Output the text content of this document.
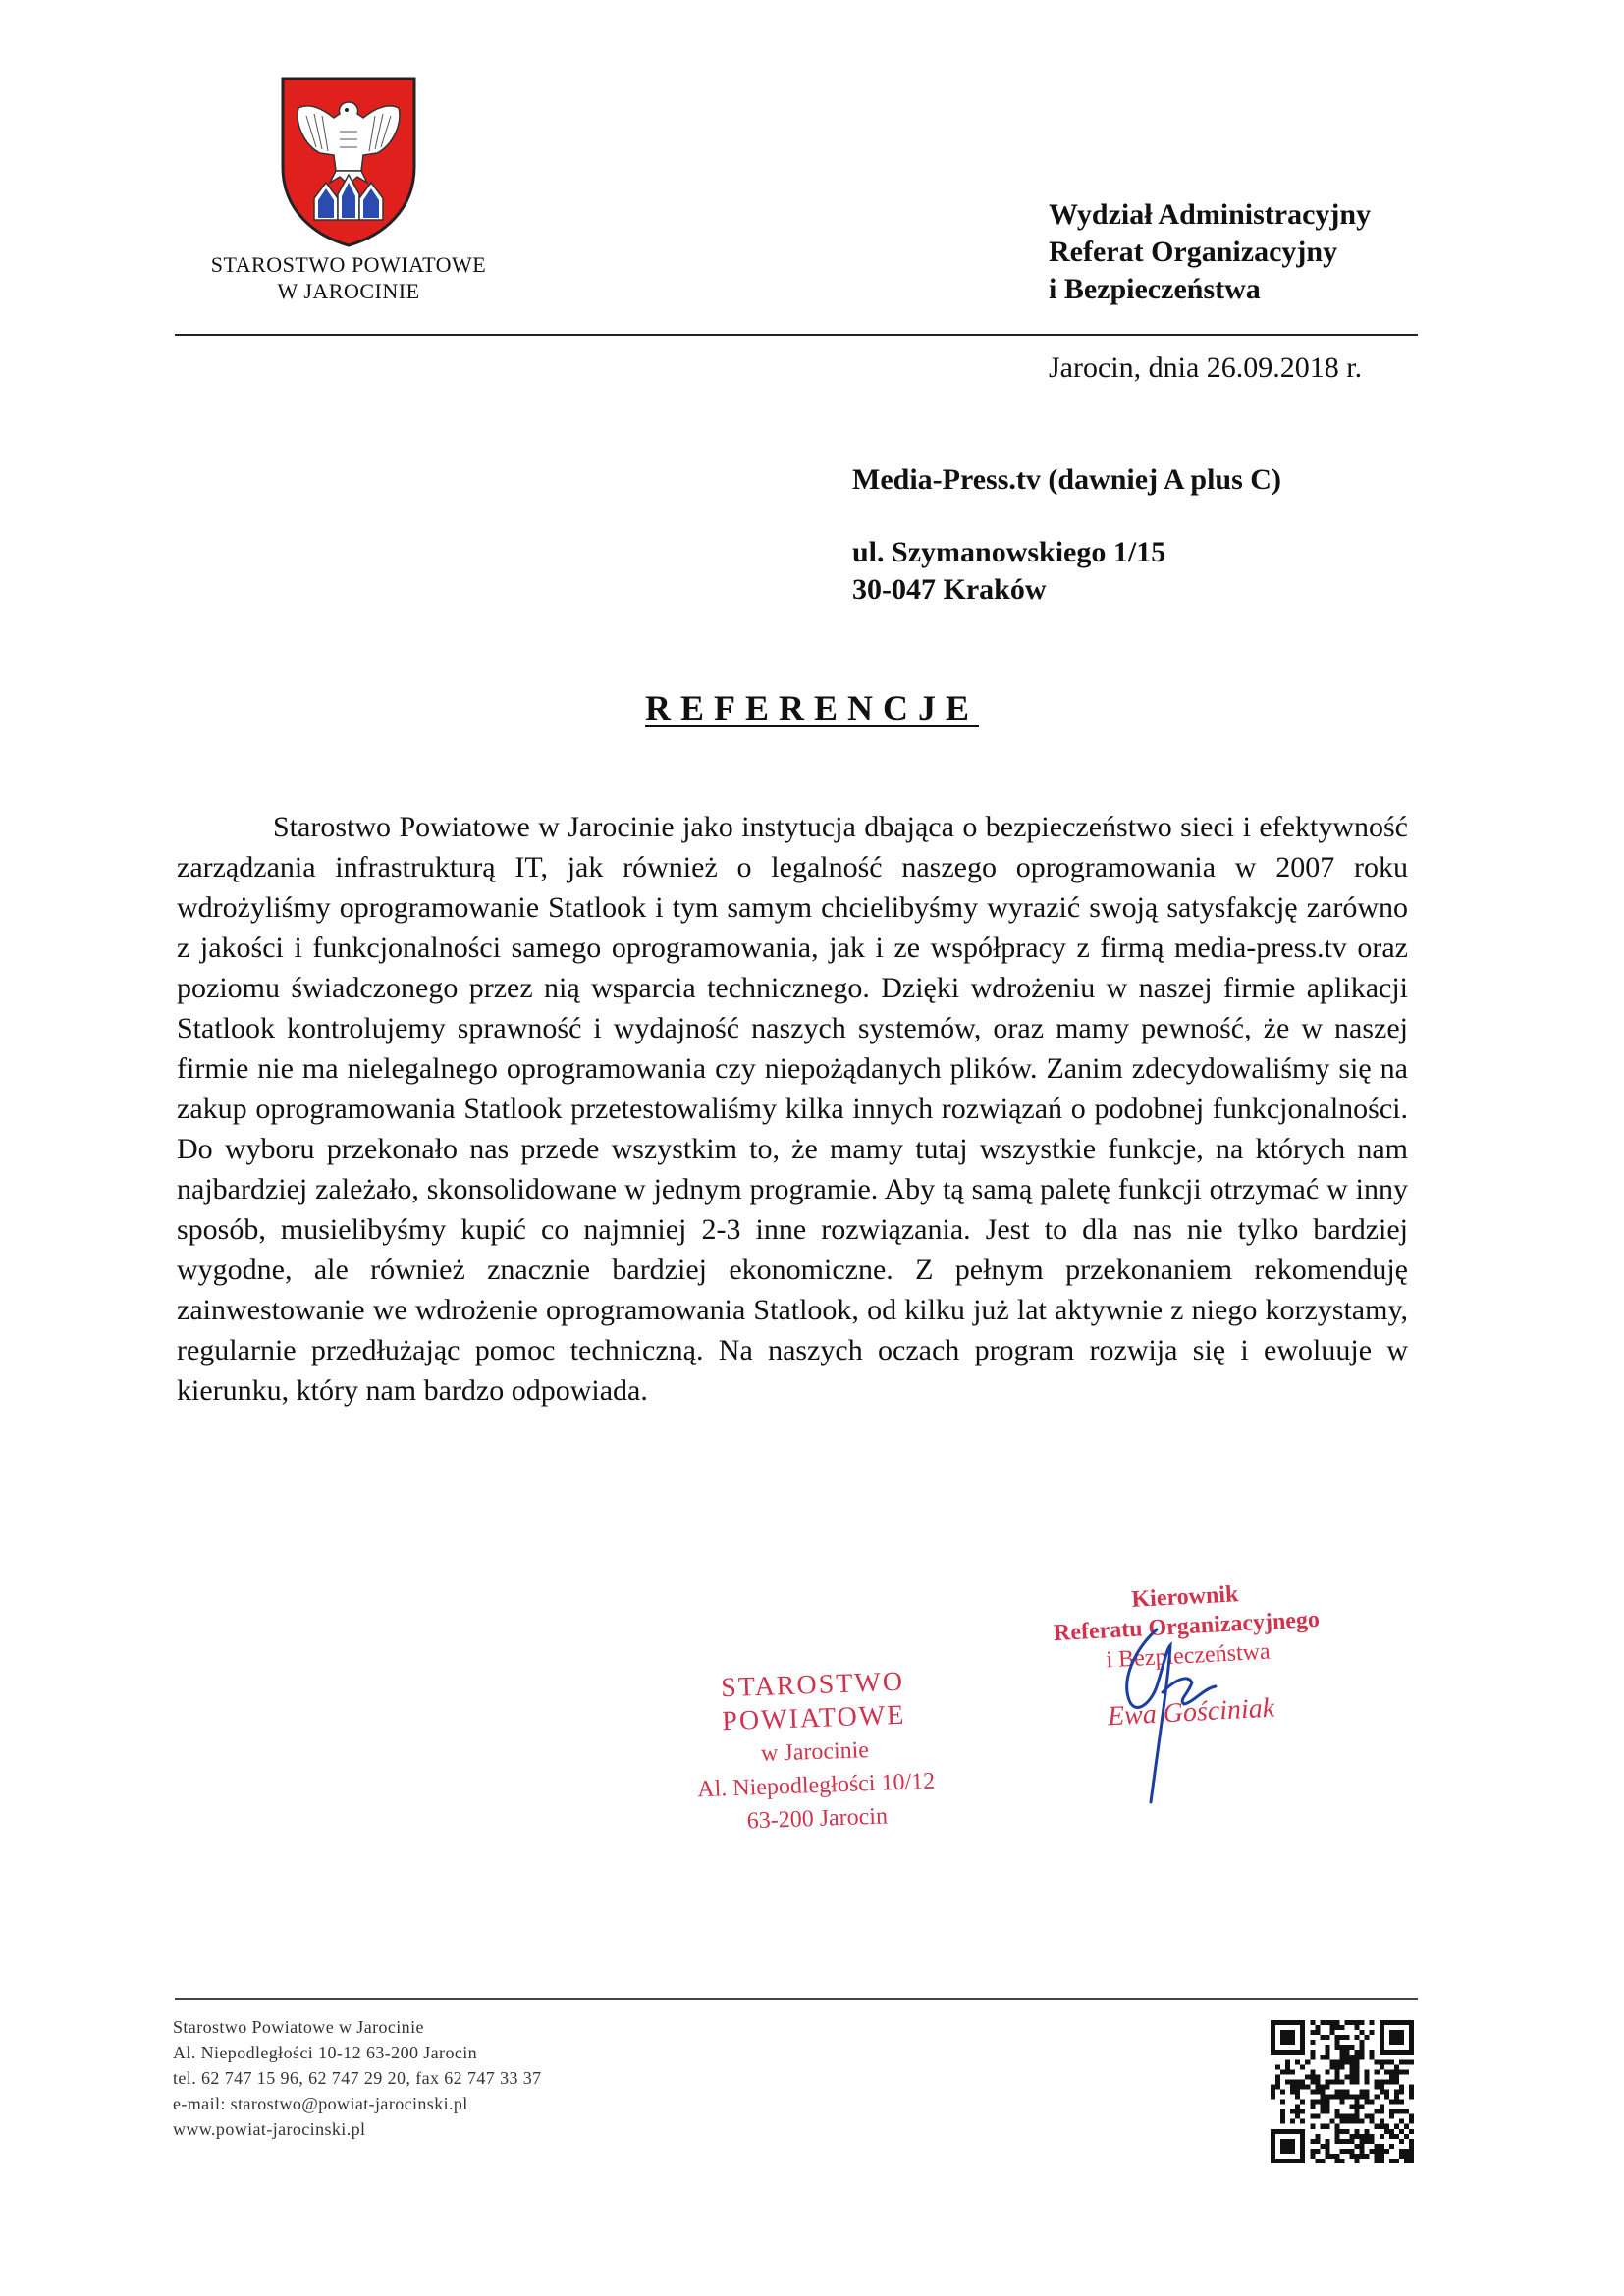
STAROSTWO POWIATOWE
W JAROCINIE
Wydział Administracyjny
Referat Organizacyjny
i Bezpieczeństwa
Jarocin, dnia 26.09.2018 r.
Media-Press.tv (dawniej A plus C)
ul. Szymanowskiego 1/15
30-047 Kraków
REFERENCJE
Starostwo Powiatowe w Jarocinie jako instytucja dbająca o bezpieczeństwo sieci i efektywność zarządzania infrastrukturą IT, jak również o legalność naszego oprogramowania w 2007 roku wdrożyliśmy oprogramowanie Statlook i tym samym chcielibyśmy wyrazić swoją satysfakcję zarówno z jakości i funkcjonalności samego oprogramowania, jak i ze współpracy z firmą media-press.tv oraz poziomu świadczonego przez nią wsparcia technicznego. Dzięki wdrożeniu w naszej firmie aplikacji Statlook kontrolujemy sprawność i wydajność naszych systemów, oraz mamy pewność, że w naszej firmie nie ma nielegalnego oprogramowania czy niepożądanych plików. Zanim zdecydowaliśmy się na zakup oprogramowania Statlook przetestowaliśmy kilka innych rozwiązań o podobnej funkcjonalności. Do wyboru przekonało nas przede wszystkim to, że mamy tutaj wszystkie funkcje, na których nam najbardziej zależało, skonsolidowane w jednym programie. Aby tą samą paletę funkcji otrzymać w inny sposób, musielibyśmy kupić co najmniej 2-3 inne rozwiązania. Jest to dla nas nie tylko bardziej wygodne, ale również znacznie bardziej ekonomiczne. Z pełnym przekonaniem rekomenduję zainwestowanie we wdrożenie oprogramowania Statlook, od kilku już lat aktywnie z niego korzystamy, regularnie przedłużając pomoc techniczną. Na naszych oczach program rozwija się i ewoluuje w kierunku, który nam bardzo odpowiada.
STAROSTWO POWIATOWE
w Jarocinie
Al. Niepodległości 10/12
63-200 Jarocin
Kierownik
Referatu Organizacyjnego
i Bezpieczeństwa
Ewa Gościniak
Starostwo Powiatowe w Jarocinie
Al. Niepodległości 10-12 63-200 Jarocin
tel. 62 747 15 96, 62 747 29 20, fax 62 747 33 37
e-mail: starostwo@powiat-jarocinski.pl
www.powiat-jarocinski.pl
